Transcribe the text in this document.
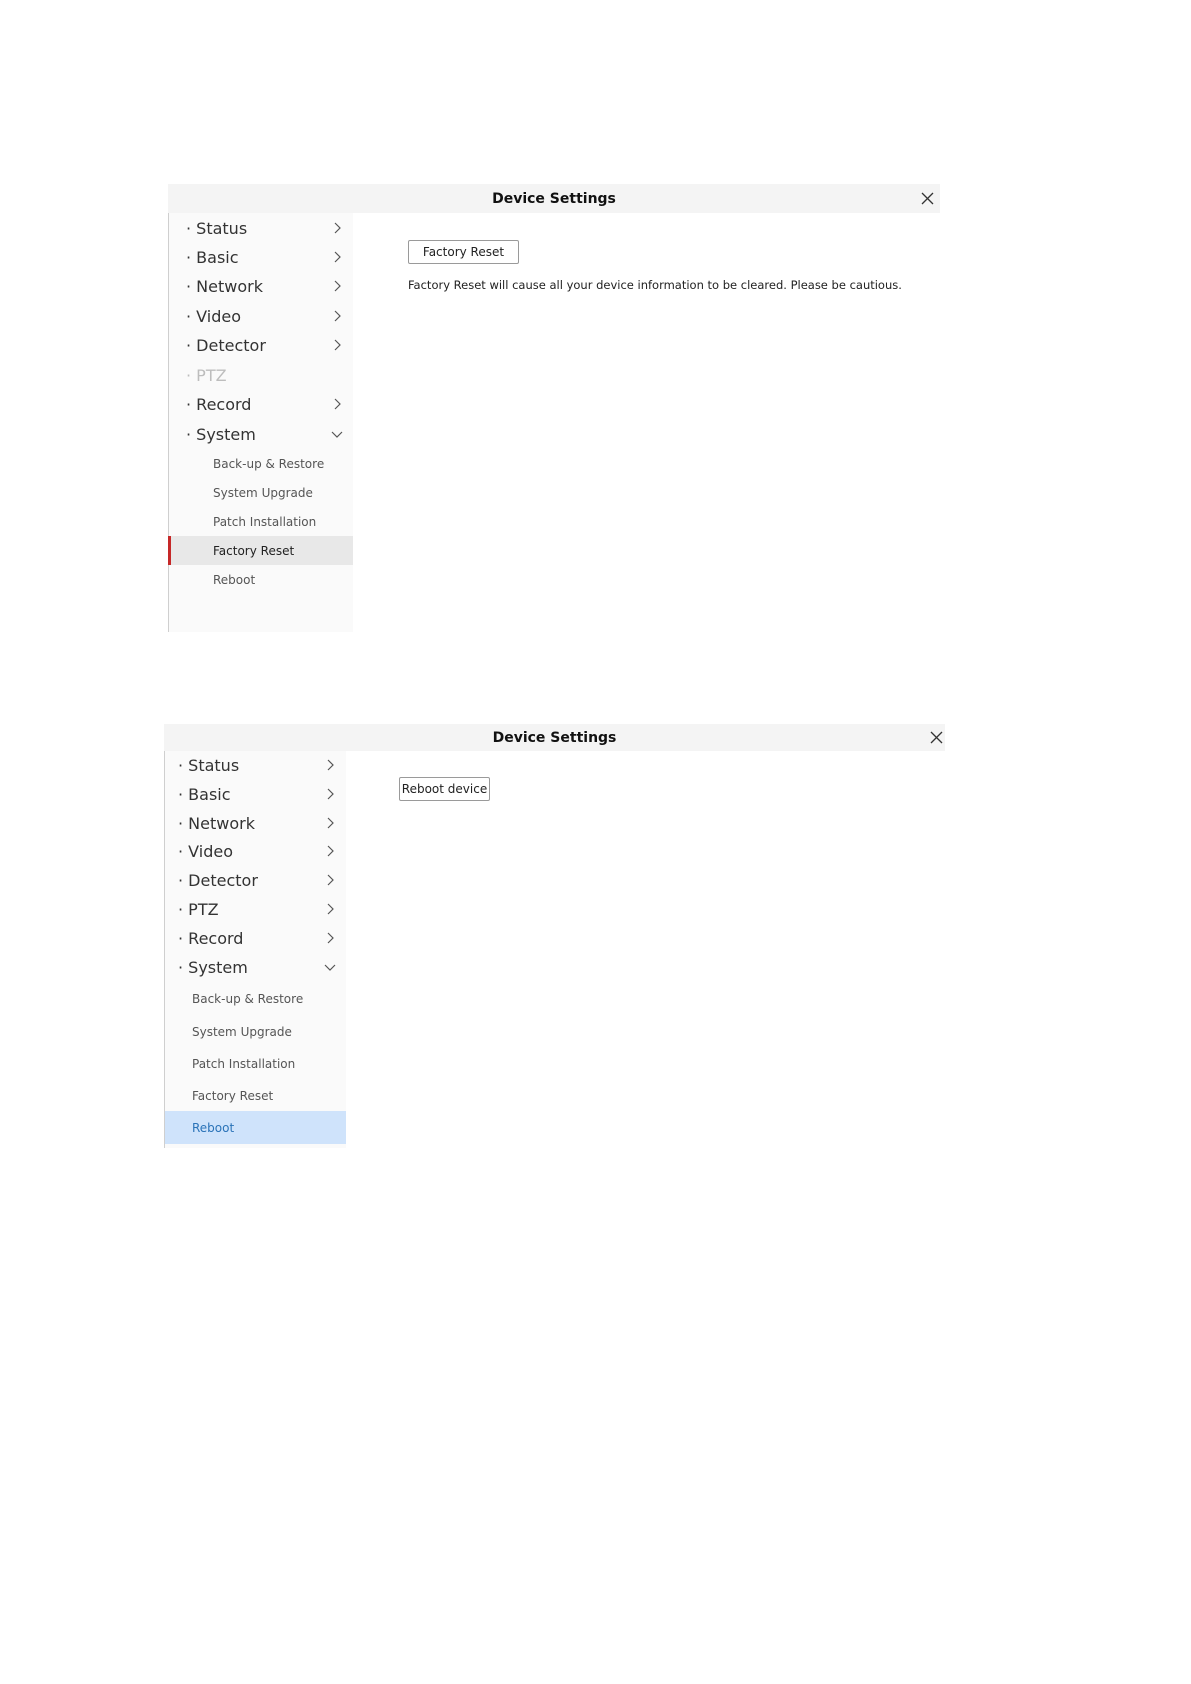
Device Settings
· Status
· Basic
· Network
· Video
· Detector
· PTZ
· Record
· System
Back-up & Restore
System Upgrade
Patch Installation
Factory Reset
Reboot
Factory Reset
Factory Reset will cause all your device information to be cleared. Please be cautious.
Device Settings
· Status
· Basic
· Network
· Video
· Detector
· PTZ
· Record
· System
Back-up & Restore
System Upgrade
Patch Installation
Factory Reset
Reboot
Reboot device
